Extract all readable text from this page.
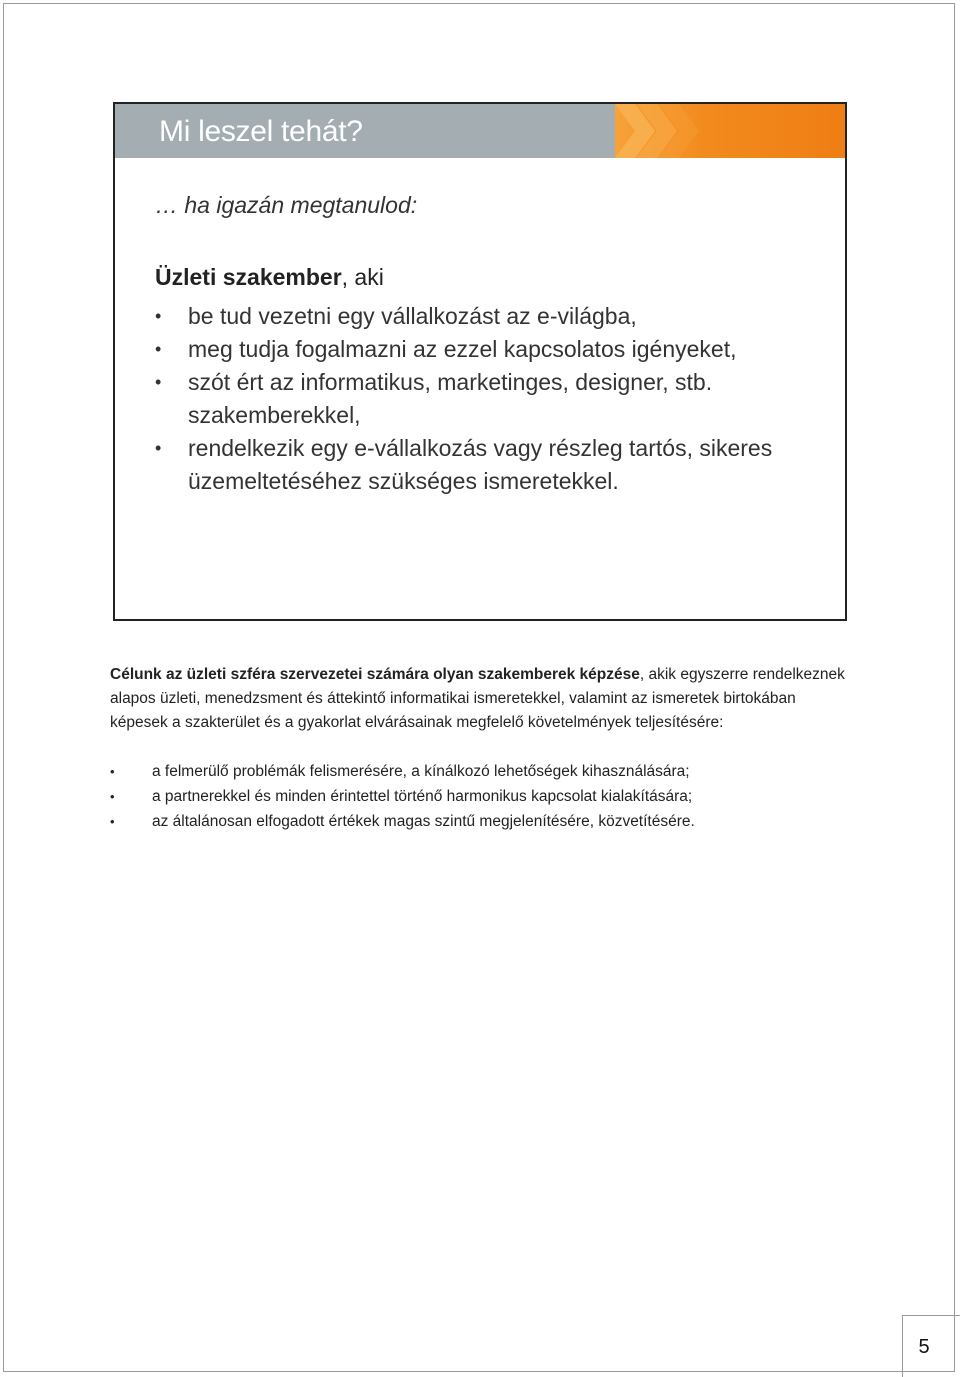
Mi leszel tehát?

… ha igazán megtanulod:

Üzleti szakember, aki

• be tud vezetni egy vállalkozást az e-világba,
• meg tudja fogalmazni az ezzel kapcsolatos igényeket,
• szót ért az informatikus, marketinges, designer, stb. szakemberekkel,
• rendelkezik egy e-vállalkozás vagy részleg tartós, sikeres üzemeltetéséhez szükséges ismeretekkel.

Célunk az üzleti szféra szervezetei számára olyan szakemberek képzése, akik egyszerre rendelkeznek alapos üzleti, menedzsment és áttekintő informatikai ismeretekkel, valamint az ismeretek birtokában képesek a szakterület és a gyakorlat elvárásainak megfelelő követelmények teljesítésére:

• a felmerülő problémák felismerésére, a kínálkozó lehetőségek kihasználására;
• a partnerekkel és minden érintettel történő harmonikus kapcsolat kialakítására;
• az általánosan elfogadott értékek magas szintű megjelenítésére, közvetítésére.
5
